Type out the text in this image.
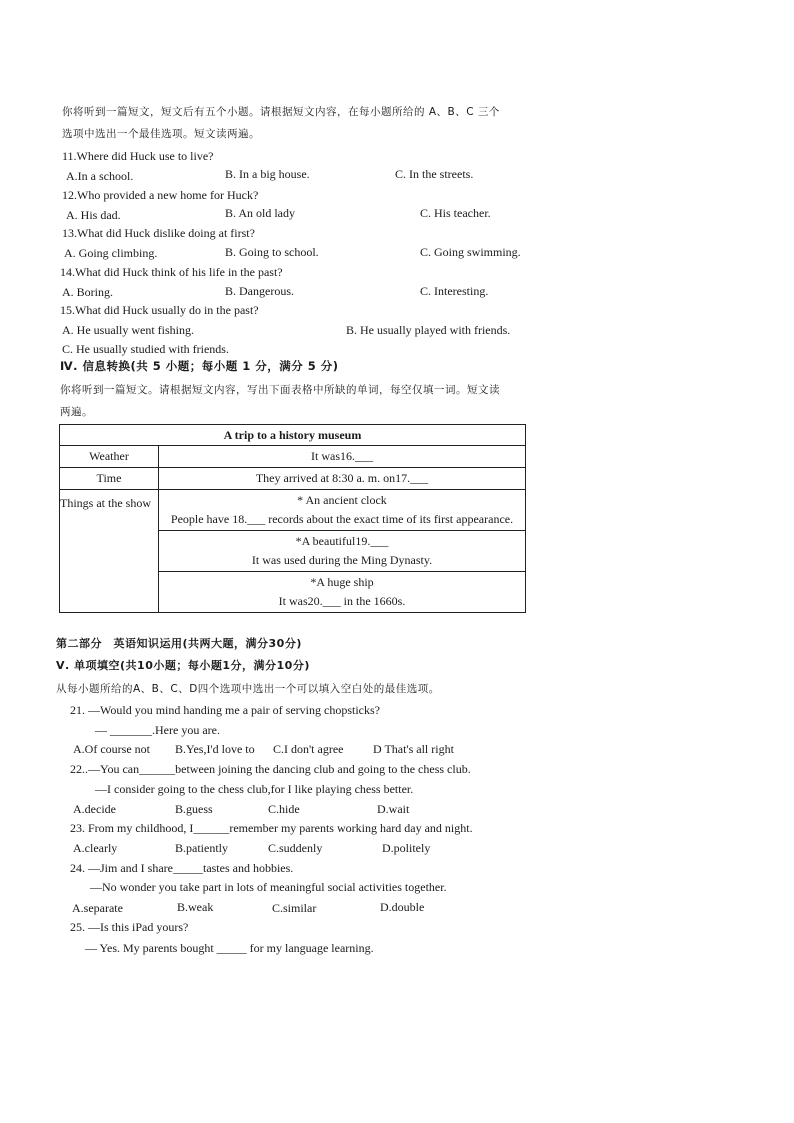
你将听到一篇短文，短文后有五个小题。请根据短文内容，在每小题所给的 A、B、C 三个
选项中选出一个最佳选项。短文读两遍。
11.Where did Huck use to live?
A.In a school.	B. In a big house.	C. In the streets.
12.Who provided a new home for Huck?
A. His dad.	B. An old lady	C. His teacher.
13.What did Huck dislike doing at first?
A. Going climbing.	B. Going to school.	C. Going swimming.
14.What did Huck think of his life in the past?
A. Boring.	B. Dangerous.	C. Interesting.
15.What did Huck usually do in the past?
A. He usually went fishing.	B. He usually played with friends.
C. He usually studied with friends.
Ⅳ. 信息转换(共 5 小题；每小题 1 分，满分 5 分)
你将听到一篇短文。请根据短文内容，写出下面表格中所缺的单词，每空仅填一词。短文读
两遍。
A trip to a history museum	
Weather	It was16.___
Time	They arrived at 8:30 a. m. on17.___
Things at the show	* An ancient clock
People have 18.___ records about the exact time of its first appearance.

	*A beautiful19.___
It was used during the Ming Dynasty.

	*A huge ship
It was20.___ in the 1660s.
第二部分　英语知识运用(共两大题，满分30分)
Ⅴ. 单项填空(共10小题；每小题1分，满分10分)
从每小题所给的A、B、C、D四个选项中选出一个可以填入空白处的最佳选项。
21. —Would you mind handing me a pair of serving chopsticks?
— _______.Here you are.
A.Of course not B.Yes,I'd love to C.I don't agree D That's all right
22..—You can______between joining the dancing club and going to the chess club.
—I consider going to the chess club,for I like playing chess better.
A.decide	B.guess	C.hide	D.wait
23. From my childhood, I______remember my parents working hard day and night.
A.clearly	B.patiently	C.suddenly	D.politely
24. —Jim and I share_____tastes and hobbies.
—No wonder you take part in lots of meaningful social activities together.
A.separate	B.weak	C.similar	D.double
25. —Is this iPad yours?
— Yes. My parents bought _____ for my language learning.
